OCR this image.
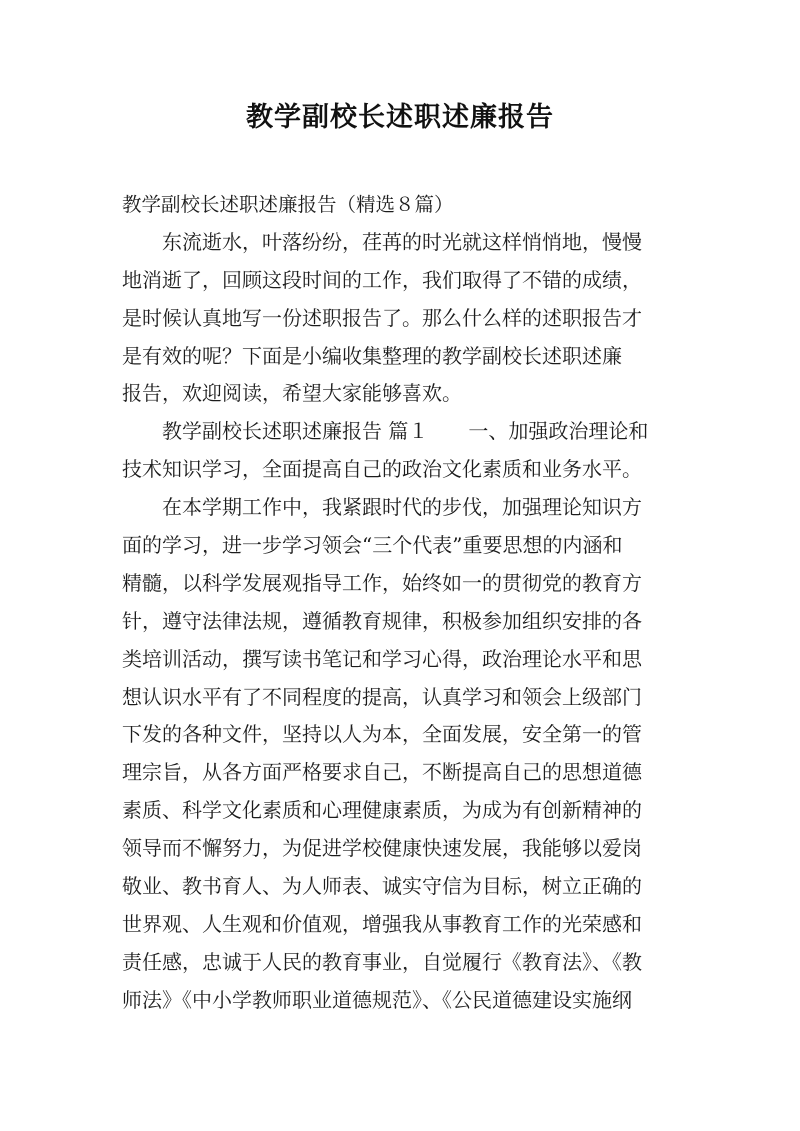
教学副校长述职述廉报告
教学副校长述职述廉报告（精选８篇）
东流逝水，叶落纷纷，荏苒的时光就这样悄悄地，慢慢
地消逝了，回顾这段时间的工作，我们取得了不错的成绩，
是时候认真地写一份述职报告了。那么什么样的述职报告才
是有效的呢？下面是小编收集整理的教学副校长述职述廉
报告，欢迎阅读，希望大家能够喜欢。
教学副校长述职述廉报告 篇１ 一、加强政治理论和
技术知识学习，全面提高自己的政治文化素质和业务水平。
在本学期工作中，我紧跟时代的步伐，加强理论知识方
面的学习，进一步学习领会“三个代表”重要思想的内涵和
精髓，以科学发展观指导工作，始终如一的贯彻党的教育方
针，遵守法律法规，遵循教育规律，积极参加组织安排的各
类培训活动，撰写读书笔记和学习心得，政治理论水平和思
想认识水平有了不同程度的提高，认真学习和领会上级部门
下发的各种文件，坚持以人为本，全面发展，安全第一的管
理宗旨，从各方面严格要求自己，不断提高自己的思想道德
素质、科学文化素质和心理健康素质，为成为有创新精神的
领导而不懈努力，为促进学校健康快速发展，我能够以爱岗
敬业、教书育人、为人师表、诚实守信为目标，树立正确的
世界观、人生观和价值观，增强我从事教育工作的光荣感和
责任感，忠诚于人民的教育事业，自觉履行《教育法》、《教
师法》《中小学教师职业道德规范》、《公民道德建设实施纲
